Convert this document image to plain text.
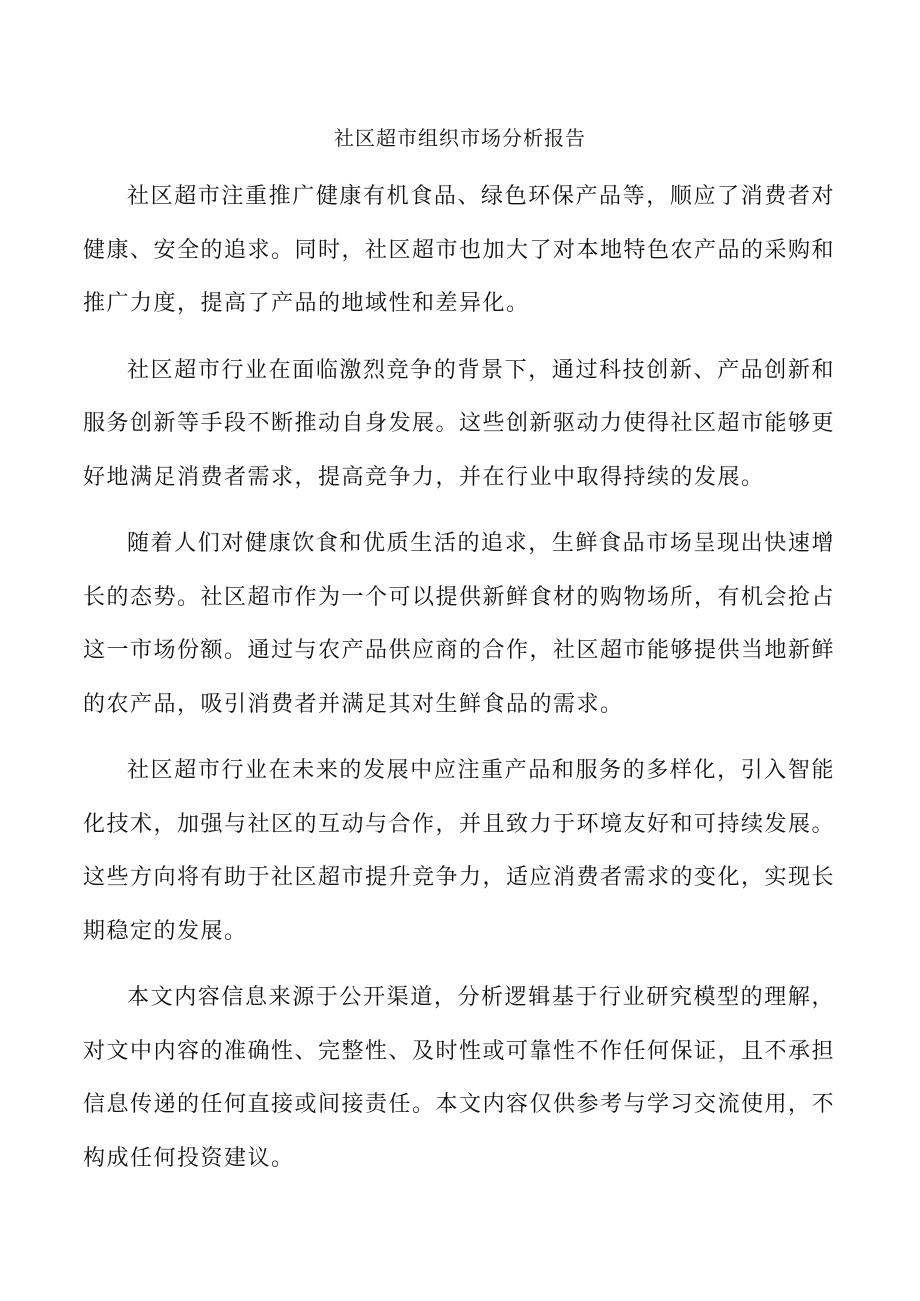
社区超市组织市场分析报告

社区超市注重推广健康有机食品、绿色环保产品等，顺应了消费者对健康、安全的追求。同时，社区超市也加大了对本地特色农产品的采购和推广力度，提高了产品的地域性和差异化。

社区超市行业在面临激烈竞争的背景下，通过科技创新、产品创新和服务创新等手段不断推动自身发展。这些创新驱动力使得社区超市能够更好地满足消费者需求，提高竞争力，并在行业中取得持续的发展。

随着人们对健康饮食和优质生活的追求，生鲜食品市场呈现出快速增长的态势。社区超市作为一个可以提供新鲜食材的购物场所，有机会抢占这一市场份额。通过与农产品供应商的合作，社区超市能够提供当地新鲜的农产品，吸引消费者并满足其对生鲜食品的需求。

社区超市行业在未来的发展中应注重产品和服务的多样化，引入智能化技术，加强与社区的互动与合作，并且致力于环境友好和可持续发展。这些方向将有助于社区超市提升竞争力，适应消费者需求的变化，实现长期稳定的发展。

本文内容信息来源于公开渠道，分析逻辑基于行业研究模型的理解，对文中内容的准确性、完整性、及时性或可靠性不作任何保证，且不承担信息传递的任何直接或间接责任。本文内容仅供参考与学习交流使用，不构成任何投资建议。
